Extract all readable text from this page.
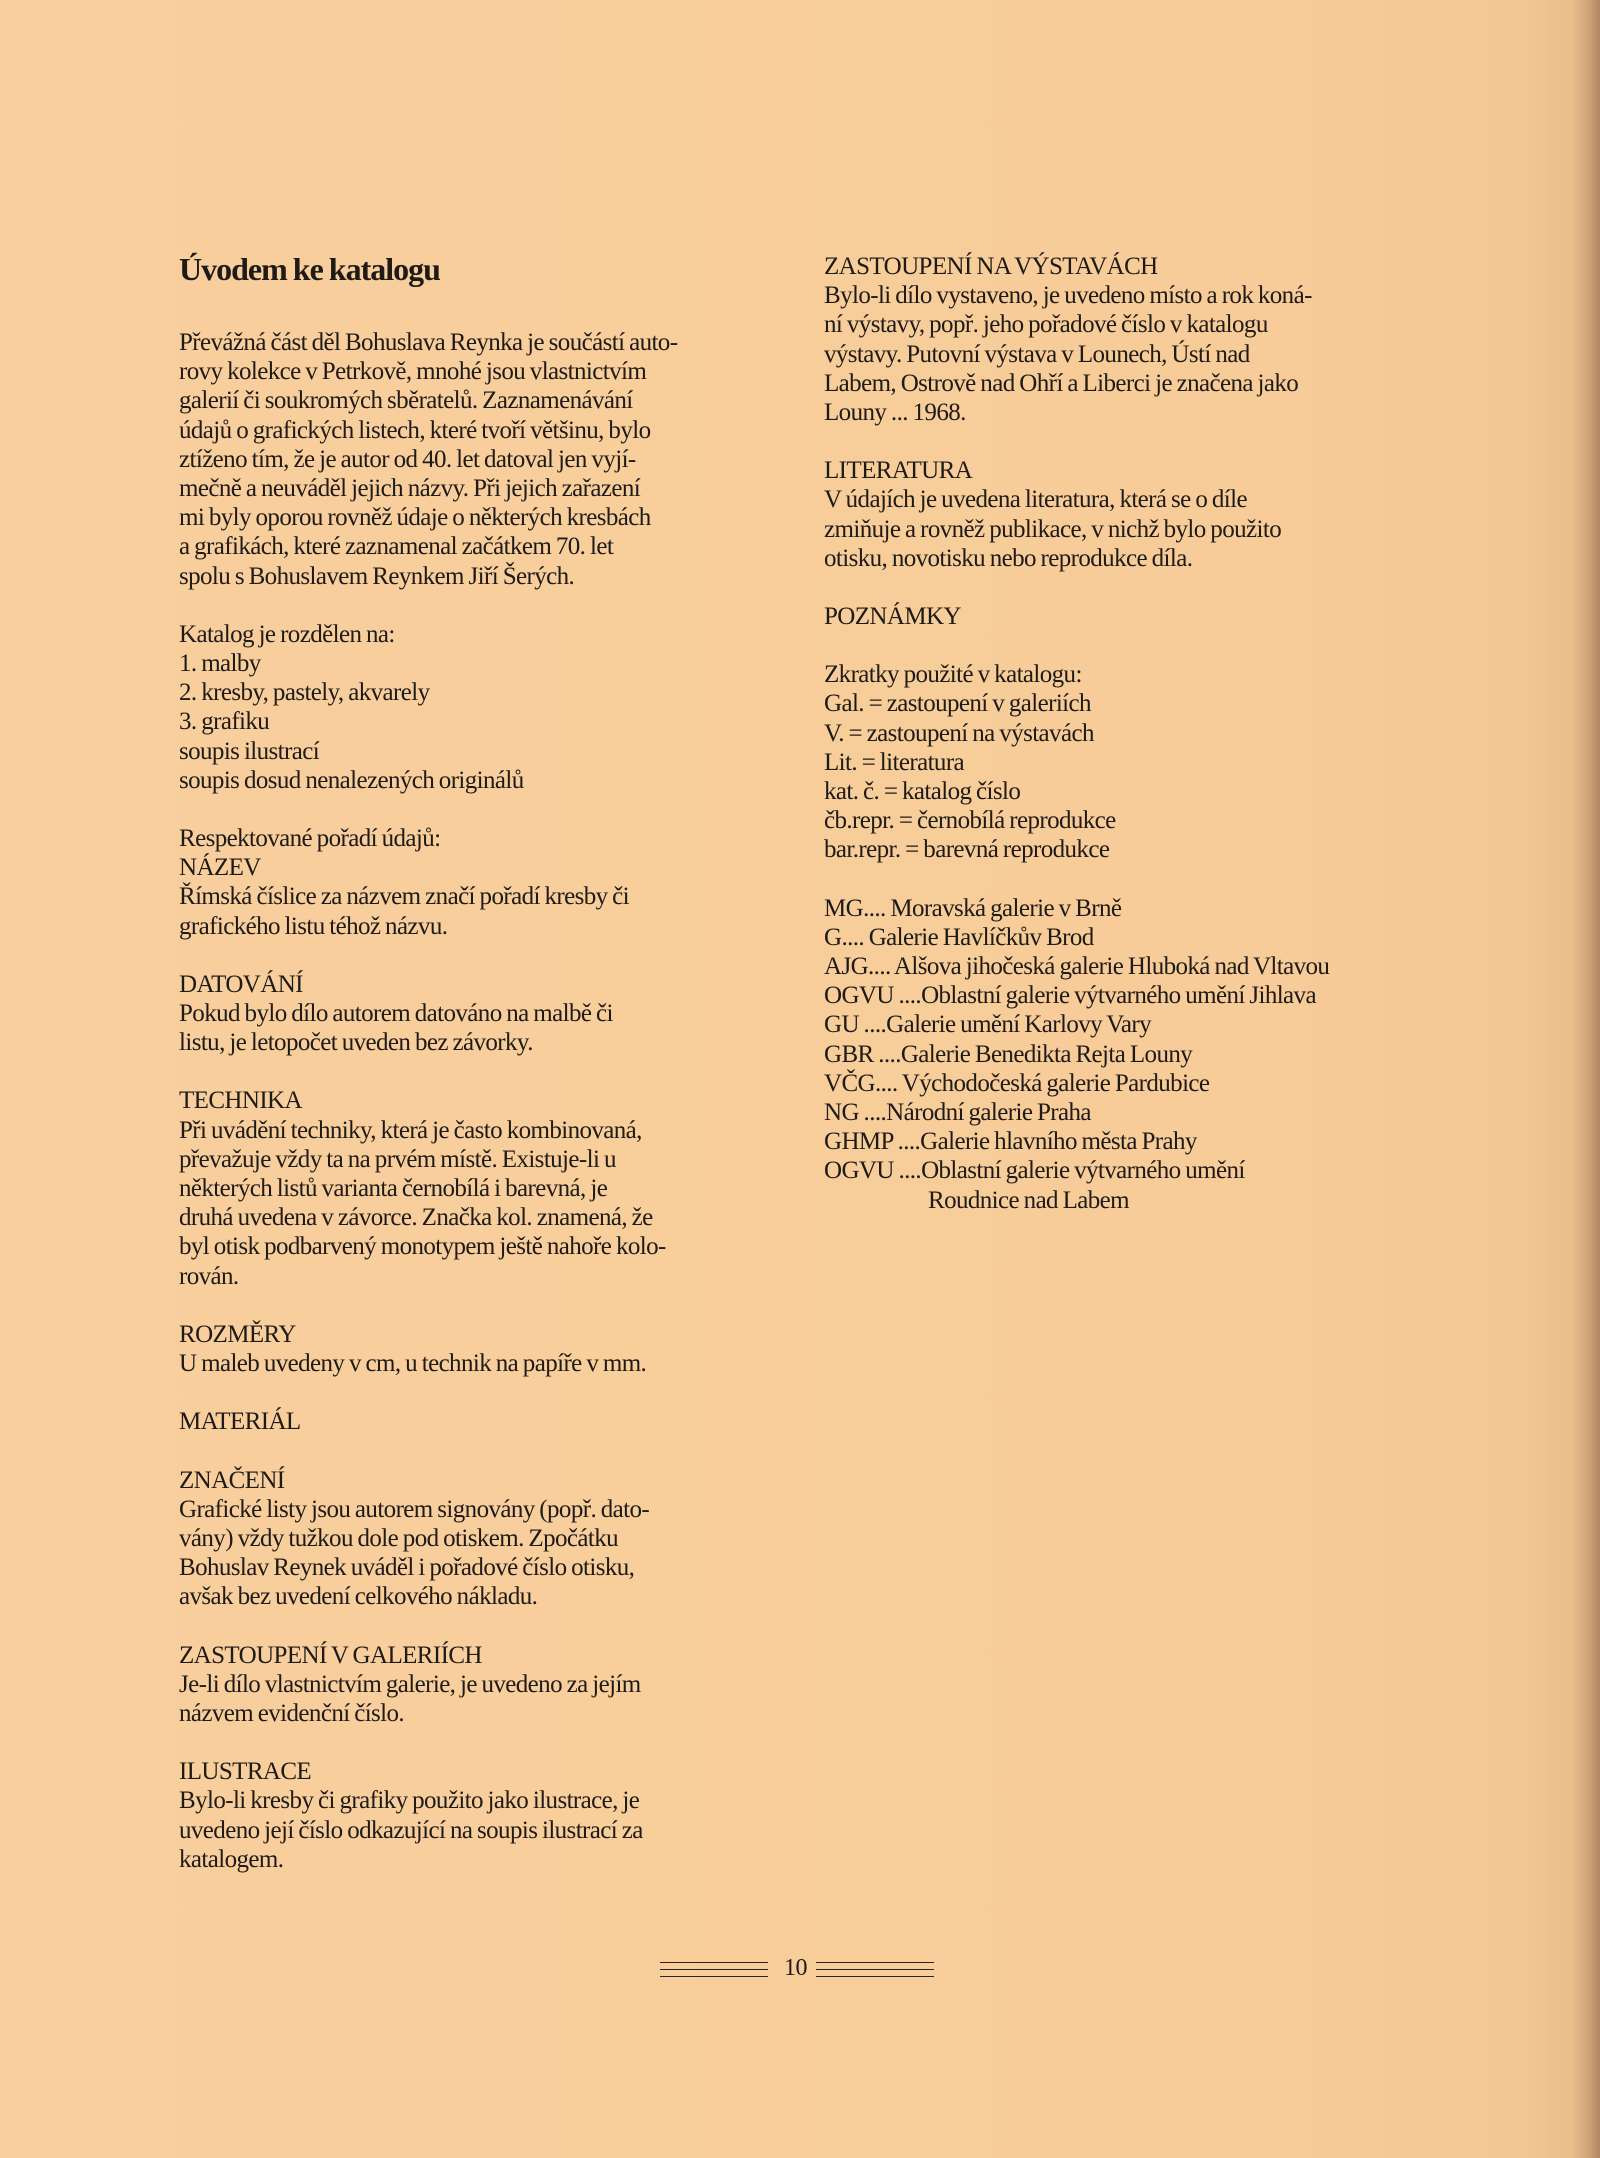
Úvodem ke katalogu
Převážná část děl Bohuslava Reynka je součástí auto-
rovy kolekce v Petrkově, mnohé jsou vlastnictvím
galerií či soukromých sběratelů. Zaznamenávání
údajů o grafických listech, které tvoří většinu, bylo
ztíženo tím, že je autor od 40. let datoval jen vyjí-
mečně a neuváděl jejich názvy. Při jejich zařazení
mi byly oporou rovněž údaje o některých kresbách
a grafikách, které zaznamenal začátkem 70. let
spolu s Bohuslavem Reynkem Jiří Šerých.
Katalog je rozdělen na:
1. malby
2. kresby, pastely, akvarely
3. grafiku
soupis ilustrací
soupis dosud nenalezených originálů
Respektované pořadí údajů:
NÁZEV
Římská číslice za názvem značí pořadí kresby či
grafického listu téhož názvu.
DATOVÁNÍ
Pokud bylo dílo autorem datováno na malbě či
listu, je letopočet uveden bez závorky.
TECHNIKA
Při uvádění techniky, která je často kombinovaná,
převažuje vždy ta na prvém místě. Existuje-li u
některých listů varianta černobílá i barevná, je
druhá uvedena v závorce. Značka kol. znamená, že
byl otisk podbarvený monotypem ještě nahoře kolo-
rován.
ROZMĚRY
U maleb uvedeny v cm, u technik na papíře v mm.
MATERIÁL
ZNAČENÍ
Grafické listy jsou autorem signovány (popř. dato-
vány) vždy tužkou dole pod otiskem. Zpočátku
Bohuslav Reynek uváděl i pořadové číslo otisku,
avšak bez uvedení celkového nákladu.
ZASTOUPENÍ V GALERIÍCH
Je-li dílo vlastnictvím galerie, je uvedeno za jejím
názvem evidenční číslo.
ILUSTRACE
Bylo-li kresby či grafiky použito jako ilustrace, je
uvedeno její číslo odkazující na soupis ilustrací za
katalogem.
ZASTOUPENÍ NA VÝSTAVÁCH
Bylo-li dílo vystaveno, je uvedeno místo a rok koná-
ní výstavy, popř. jeho pořadové číslo v katalogu
výstavy. Putovní výstava v Lounech, Ústí nad
Labem, Ostrově nad Ohří a Liberci je značena jako
Louny ... 1968.
LITERATURA
V údajích je uvedena literatura, která se o díle
zmiňuje a rovněž publikace, v nichž bylo použito
otisku, novotisku nebo reprodukce díla.
POZNÁMKY
Zkratky použité v katalogu:
Gal. = zastoupení v galeriích
V. = zastoupení na výstavách
Lit. = literatura
kat. č. = katalog číslo
čb.repr. = černobílá reprodukce
bar.repr. = barevná reprodukce
MG.... Moravská galerie v Brně
G.... Galerie Havlíčkův Brod
AJG.... Alšova jihočeská galerie Hluboká nad Vltavou
OGVU ....Oblastní galerie výtvarného umění Jihlava
GU ....Galerie umění Karlovy Vary
GBR ....Galerie Benedikta Rejta Louny
VČG.... Východočeská galerie Pardubice
NG ....Národní galerie Praha
GHMP ....Galerie hlavního města Prahy
OGVU ....Oblastní galerie výtvarného umění
Roudnice nad Labem
10
